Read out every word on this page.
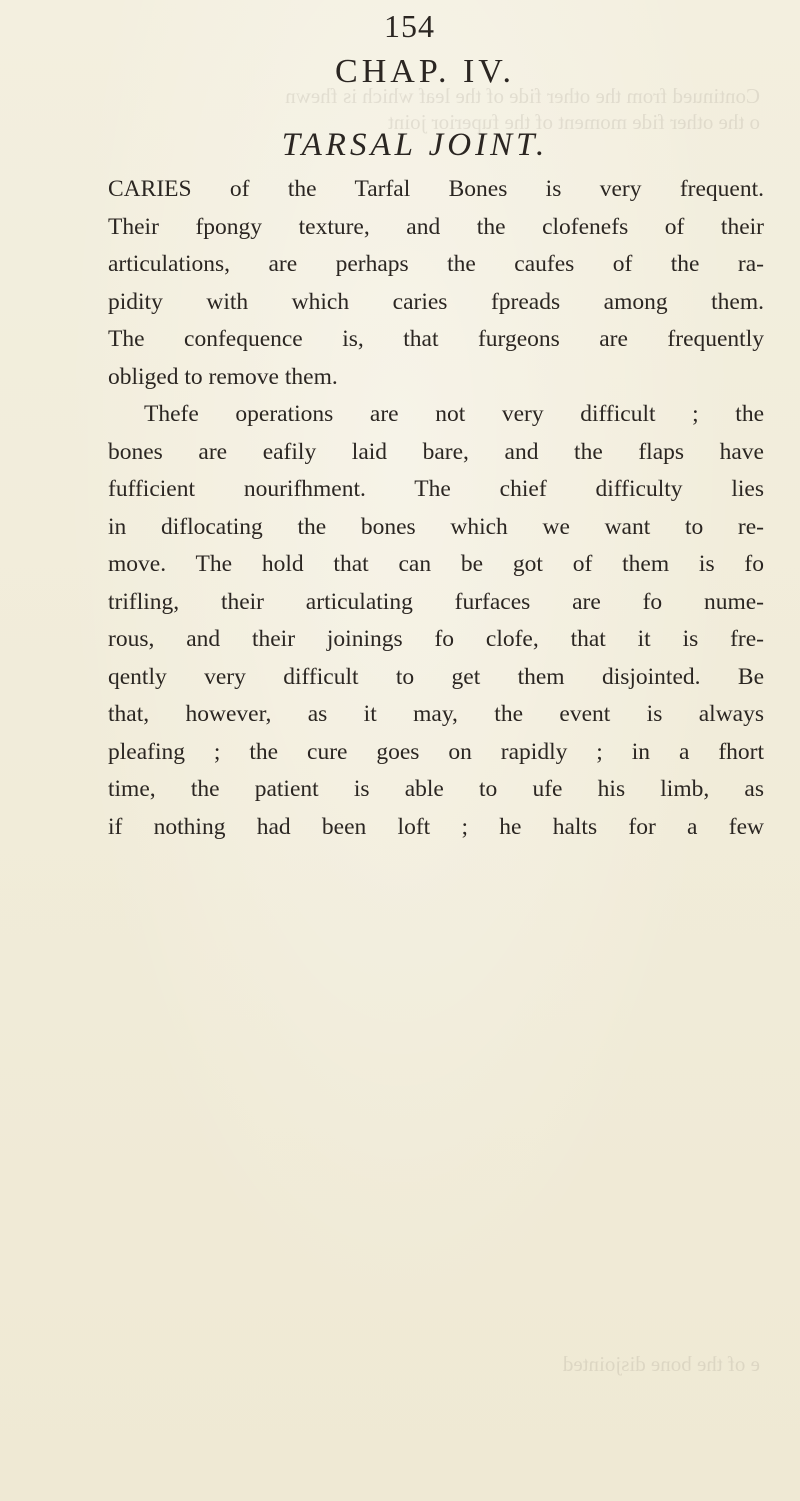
Continued from the other fide of the leaf which is fhewn
o the other fide moment of the fuperior joint
e of the bone disjointed
154
CHAP. IV.
TARSAL JOINT.
CARIES of the Tarfal Bones is very frequent.
Their fpongy texture, and the clofenefs of their
articulations, are perhaps the caufes of the ra-
pidity with which caries fpreads among them.
The confequence is, that furgeons are frequently
obliged to remove them.
Thefe operations are not very difficult ; the
bones are eafily laid bare, and the flaps have
fufficient nourifhment. The chief difficulty lies
in diflocating the bones which we want to re-
move. The hold that can be got of them is fo
trifling, their articulating furfaces are fo nume-
rous, and their joinings fo clofe, that it is fre-
qently very difficult to get them disjointed. Be
that, however, as it may, the event is always
pleafing ; the cure goes on rapidly ; in a fhort
time, the patient is able to ufe his limb, as
if nothing had been loft ; he halts for a few
